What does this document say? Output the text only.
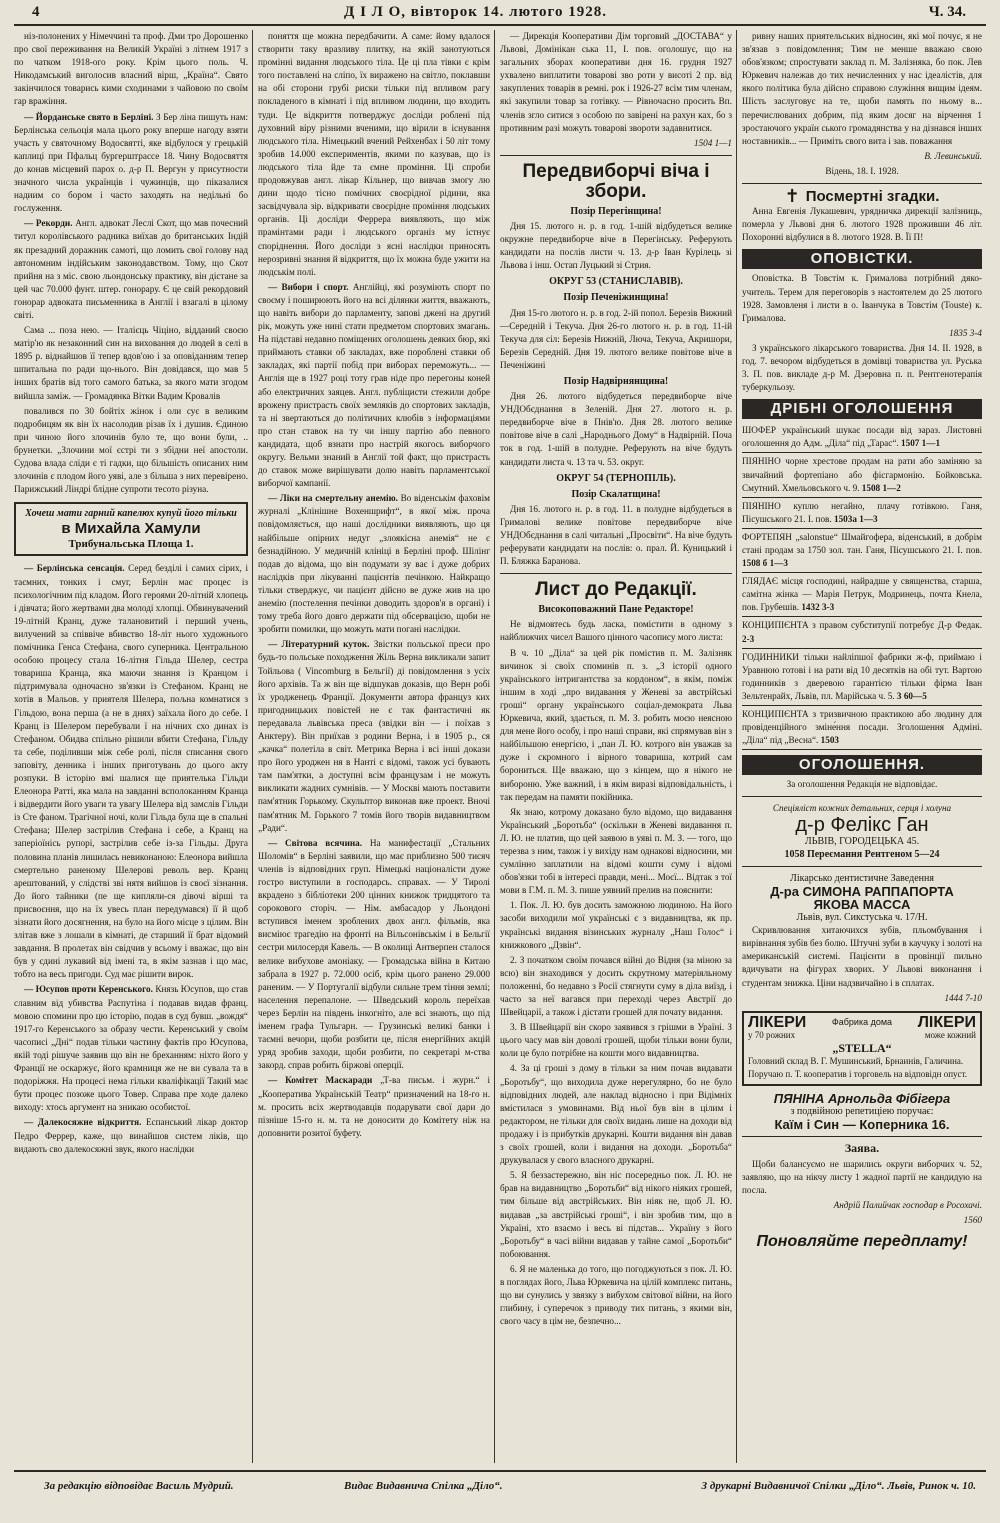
4	Д І Л О, вівторок 14. лютого 1928.	Ч. 34.

ніз-полонених у Німеччині та проф. Дми тро Дорошенко про свої переживання на Великій Україні з літнем 1917 з по чатком 1918-ого року. Крім цього поль. Ч. Никодамський виголосив власний вірш, „Країна“. Свято закінчилося товарись кими сходинами з чайовою по своїм гар вражіння.

— Йорданське свято в Берліні. З Бер ліна пишуть нам: Берлінська сельоція мала цього року вперше нагоду взяти участь у святочному Водосвятті, яке відбулося у грецькій каплиці при Пфальц бургерштрассе 18. Чину Водосвяття до конав місцевий парох о. д-р П. Вергун у присутности значного числа українців і чужинців, що піказалися надиим со бором і часто заходять на недільні бо гослуження.

— Рекорди. Англ. адвокат Леслі Скот, що мав почесний титул королівського радника виїхав до британських Індій як презадний доражник самоті, що ломить свої голову над автономним індійським законодавством. Тому, що Скот прийня на з міс. свою льондонську практику, він дістане за цей час 70.000 фунт. штер. гонорару. Є це свій рекордовий гонорар адвоката письменника в Англії і взагалі в цілому світі.

Сама ... поза нею. — Італієць Чіціно, відданий своєю матір'ю як незаконний син на виховання до людей в селі в 1895 р. віднайшов її тепер вдов'ою і за оповіданням тепер шпитальна по ради що-нього. Він довідався, що мав 5 інших братів від того самого батька, за якого мати згодом вийшла заміж. — Громадянка Вітки Вадим Кровалів

повалився по 30 бойтіх жінок і оли сує в великим подробицям як він їх насолодив різав їх і душив. Єдиною при чиною його злочинів було те, що вони були, .. брунетки. „Злочини мої єстрі ти з збідни неї апостоли. Судова влада сліди є ті гадки, що більшість описаних ним злочинів є плодом його уяві, але з більша з них перевірено. Парижський Ліндрі блідне супроти тесото різуна.

Хочеш мати гарний капелюх купуй його тільки
в Михайла Хамули
Трибунальська Площа 1.

— Берлінська сенсація. Серед безділі і самих сірих, і таємних, тонких і смуг, Берлін має процес із психологічним під кладом. Його героями 20-літній хлопець і дівчата; його жертвами два молоді хлопці. Обвинувачений 19-літній Кранц, дуже талановитий і перший учень, вилучений за співвіче вбивство 18-літ нього художнього помічника Генса Стефана, свого суперника. Центральною особою процесу стала 16-літня Гільда Шелер, сестра товариша Кранца, яка маючи знання із Кранцом і підтримувала одночасно зв'язки із Стефаном. Кранц не хотів в Мальов. у приятеля Шелера, пољна комнатися з Гільдою, вона перша (а не в днях) заїхала його до себе. І Кранц із Шелером перебували ї на нічних схо динах із Стефаном. Обидва спільно рішили вбити Стефана, Гільду та себе, поділивши між себе ролі, після списання свого заповіту, денника і інших приготувань до цього акту розпуки. В історію вмі шалися ще приятелька Гільди Елеонора Ратті, яка мала на завданні всполоканням Кранца і відвердити його уваги та увагу Шелера від замслів Гільди із Сте фаном. Трагічної ночі, коли Гільда була ще в спальні Стефана; Шелер застрілив Стефана і себе, а Кранц на заперіоїнісь рупорі, застрілив себе із-за Гільды. Друга половина планів лишилась невиконаною: Елеонора вийшла смертельно раненому Шелерові револь вер. Кранц арештований, у слідстві зві нятя вийшов із своєї зізнання. До його тайники (пе ще кипляли-ся дівочі вірші та присвоєння, що на їх увесь план передумався) її й щоб зізнати його досягнення, на було на його місце з цілим. Він злітав вже з лошали в кімнаті, де старший її брат відомий завдання. В пролетах він свідчив у всьому і вважає, що він був у єдині лукавий від імені та, в якім зазнав і що має, тобто на весь пригоди. Суд має рішити вирок.

— Юсупов проти Керенського. Князь Юсупов, що став славним від убивства Распутіна і подавав видав франц. мовою спомини про цю історію, подав в суд бувш. „вождя“ 1917-го Керенського за образу чести. Керенський у своїм часописі „Дні“ подав тільки частину фактів про Юсупова, якій тоді рішуче заявив що він не бреханням: ніхто його у Франції не оскаржує, його крамниця же не ви сувала та в подоріжжя. На процесі нема гільки кваліфікації Такий має бути процес позоже цього Товер. Справа пре ходе далеко виходу: хтось аргумент на зникаю особистої.

— Далекосяжне відкриття. Еспанський лікар доктор Педро Феррер, каже, що винайшов систем ліків, що видають сво далекосяжні звук, якого наслідки

поняття ще можна передбачити. А саме: йому вдалося створити таку вразливу плитку, на якій занотуються промінні видання людського тіла. Це ці пла тівки є крім того поставлені на сліпо, їх виражено на світло, поклавши на обі сторони грубі риски тільки під впливом рагу покладеного в кімнаті і під впливом людини, що входить туди. Це відкриття потверджує досліди роблені під духовний віру різними вченими, що вірили в існування людського тіла. Німецький вчений Рейхенбах і 50 літ тому зробив 14.000 експериментів, якими по казував, що із людського тіла йде та ємне проміння. Ці спроби продовжував англ. лікар Кільнер, що вивчав змогу лю дини щодо тісно помічних своєрідної рідини, яка засвідчувала зір. відкривати своєрідне проміння людських органів. Ці досліди Феррера виявляють, що між прамінтами ради і людського організ му істнує споріднення. Його досліди з ясні наслідки приносять нерозривні знання й відкриття, що їх можна буде ужити на людськім полі.

— Вибори і спорт. Англійці, які розуміють спорт по своєму і поширюють його на всі ділянки життя, вважають, що навіть вибори до парламенту, запові джені на другий рік, можуть уже нині стати предметом спортових змагань. На підставі недавно поміщених оголошень деяких бюр, які приймають ставки об закладах, вже пороблені ставки об закладах, які партії побід при виборах переможуть... — Англія ще в 1927 році тоту грав ніде про перегоны коней або електричних заяцев. Англ. публіцисти стежили добре врожену пристрасть своїх земляків до спортових закладів, та ні звертаються до політичних клюбів з інформаціями про стан ставок на ту чи іншу партію або певного кандидата, щоб взнати про настрій якогось виборчого округу. Вельми знаний в Англії той факт, що пристрасть до ставок може вирішувати долю навіть парламентської виборчої кампанії.

— Ліки на смертельну анемію. Во віденськім фаховім журналі „Клінішне Вохеншрифт“, в якої між. проча повідомляється, що наші дослідники виявляють, що ця найбільше опірних недуг „злоякісна анемія“ не є безнадійною. У медичній клініці в Берліні проф. Шілінг подав до відома, що він подумати зу ває і дуже добрих наслідків при лікуванні пацієнтів печінкою. Найкращо тільки стверджує, чи пацієнт дійсно ве дуже жив на цю анемію (постелення печінки доводить здоров'я в органі) і тому треба його довго держати під обсервацією, щоби не зробити помилки, що можуть мати погані наслідки.

— Літературний куток. Звістки польської преси про будь-то польське походження Жіль Верна викликали запит Тойльова ( Vincomburg в Бельгії) ді повідомлення з усіх його архівів. Та ж він ще відшукав доказів, що Верн робі їх уродженець Франції. Документи автора француз ких пригодницьких повістей не є так фантастичні як передавала львівська преса (звідки він — і поїхав з Анктеру). Він приїхав з родини Верна, і в 1905 р., ся „качка“ полетіла в світ. Метрика Верна і всі інші докази про його уроджен ня в Нанті є відомі, також усі бувають там пам'ятки, а доступні всім французам і не можуть викликати жадних сумнівів. — У Москві мають поставити пам'ятник Горькому. Скульптор виконав вже проект. Вночі пам'ятник М. Горького 7 томів його творів видавництвом „Ради“.

— Світова всячина. На манифестації „Стальних Шоломів“ в Берліні заявили, що має приблизно 500 тисяч членів із відповідних груп. Німецькі націоналісти дуже гостро виступили в господарсь. справах. — У Тиролі вкрадено з бібліотеки 200 цінних книжок тридцятого та сорокового сторіч. — Нім. амбасадор у Льондоні вступився іменем зроблених двох англ. фільмів, яка висміює трагедію на фронті на Вільсонівськім і в Бельгії сестри милосердя Кавель. — В околиці Антверпен сталося велике вибухове амоніаку. — Громадська війна в Китаю забрала в 1927 р. 72.000 осіб, крім цього ранено 29.000 раненим. — У Португалії відбули сильне трем тіння землі; населення перепалоне. — Шведський король переїхав через Берлін на південь інкогніто, але всі знають, що під іменем графа Тульгарн. — Грузинські великі банки і таємні вечори, щоби розбити це, після енергійних акцій уряд зробив заходи, щоби розбити, по секретарі м-ства закорд. справ робить біржові оперції.

— Комітет Маскаради „Т-ва письм. і журн.“ і „Кооператива Українській Театр“ призначений на 18-го н. м. просить всіх жертводавців подарувати свої дари до пізніше 15-го н. м. та не доносити до Комітету ніж на доповнити розитої буфету.

— Дирекція Кооперативи Дім торговий „ДОСТАВА“ у Львові, Домінікан ська 11, І. пов. оголошує, що на загальних зборах кооперативи дня 16. грудня 1927 ухвалено виплатити товарові зво роти у висоті 2 пр. від закуплених товарів в ремні. рок і 1926-27 всім тим членам, які закупили товар за готівку. — Рівночасно просить Вп. членів згло ситися з особою по завірені на рахун ках, бо з противним разі можуть товарові звороти задавнитися.

1504 1—1

Передвиборчі віча і збори.
Позір Перегінщина!

Дня 15. лютого н. р. в год. 1-шій відбудеться велике окружне передвиборче віче в Перегінську. Реферують кандидати на послів листи ч. 13. д-р Іван Курілець зі Львова і інш. Остап Луцький зі Стрия.

ОКРУГ 53 (СТАНИСЛАВІВ).
Позір Печеніжинщина!

Дня 15-го лютого н. р. в год. 2-ій попол. Березів Вижний—Середній і Текуча. Дня 26-го лютого н. р. в год. 11-ій Текуча для сіл: Березів Нижній, Люча, Текуча, Акришори, Березів Середній. Дня 19. лютого велике повітове віче в Печеніжині

Позір Надвірнянщина!

Дня 26. лютого відбудеться передвиборче віче УНДОбєднання в Зеленій. Дня 27. лютого н. р. передвиборче віче в Пнів'ю. Дня 28. лютого велике повітове віче в салі „Народнього Дому“ в Надвірній. Поча ток в год. 1-шій в полудне. Реферують на віче будуть кандидати листа ч. 13 та ч. 53. округ.

ОКРУГ 54 (ТЕРНОПІЛЬ).
Позір Скалатщина!

Дня 16. лютого н. р. в год. 11. в полудне відбудеться в Грималові велике повітове передвиборче віче УНДОбєднання в салі читальні „Просвіти“. На віче будуть реферувати кандидати на послів: о. прал. Й. Куницький і П. Бляжка Баранова.

Лист до Редакції.
Високоповажний Пане Редакторе!

Не відмовтесь будь ласка, помістити в одному з найближчих чисел Вашого цінного часопису мого листа:

В ч. 10 „Діла“ за цей рік помістив п. М. Залізняк вичинок зі своїх споминів п. з. „З історії одного українського інтригантства за кордоном“, в якім, поміж іншим в ході „про видавання у Женеві за австрійські гроші“ органу українського соціал-демократа Льва Юркевича, який, здається, п. М. З. робить моєю неясною для мене його особу, і про наші справи, які спрямував він з найбільшою енергією, і „пан Л. Ю. котрого він уважав за дуже і скромного і вірного товариша, котрий сам борониться. Ще вважаю, що з кінцем, що я нікого не вибороню. Уже важний, і в якім виразі відповідальність, і так передам на памяти покійника.

Як знаю, котрому доказано було відомо, що видавання Український „Боротьба“ (оскільки в Женеві видавання п. Л. Ю. не платив, що цей заявою в уяві п. М. З. — того, що терезва з ним, також і у вихіду нам однакові відносини, ми сумлінно заплатили на відомі кошти суму і відомі обов'язки тобі в інтересі правди, мені... Моєї... Відтак з тої мови в Г.М. п. М. З. пише уявний прелив на пояснити:

1. Пок. Л. Ю. був досить заможною людиною. На його засоби виходили мої українські є з видавництва, як пр. українські видання візинських журналу „Наш Голос“ і книжкового „Дзвін“.

2. З початком своїм почався війні до Відня (за міною за всю) він знаходився у досить скрутному матеріяльному положенні, бо недавно з Росії стягнути суму в діла виїзд, і часто за неї вагався при переході через Австрії до Швейцарії, а також і дістати грошей для почату видання.

3. В Швейцарії він скоро заявився з грішми в Ураїні. З цього часу мав він доволі грошей, щоби тільки вони були, коли це було потрібне на кошти мого видавництва.

4. За ці гроші з дому в тільки за ним почав видавати „Боротьбу“, що виходила дуже нерегулярно, бо не було відповідних людей, але наклад відносно і при Відімніх вмістилася з умовинами. Від ньої був він в цілим і редактором, не тільки для своїх видань лише на доходи від продажу і із прибутків друкарні. Кошти видання він давав з своїх грошей, коли і видання на доходи. „Боротьба“ друкувалася у свого власного друкарні.

5. Я беззастережно, він ніс посередньо пок. Л. Ю. не брав на видавництво „Боротьби“ від нікого ніяких грошей, тим більше від австрійських. Він ніяк не, щоб Л. Ю. видавав „за австрійські гроші“, і він зробив тим, що в Україні, хто взаємо і весь ві підстав... Україну з його „Боротьбу“ в часі війни видавав у тайне самої „Боротьби“ побоювання.

6. Я не маленька до того, що погоджуються з пок. Л. Ю. в поглядах його, Льва Юркевича на цілій комплекс питань, що ви сунулись у звязку з вибухом світової війни, на його глибину, і суперечок з приводу тих питань, з якими він, свого часу в цім не, безпечно...

ривну наших приятельських відносин, які мої почує, я не зв'язав з повідомлення; Тим не менше вважаю свою обов'язком; спростувати заклад п. М. Залізняка, бо пок. Лев Юркевич належав до тих нечисленних у нас ідеалістів, для якого політика була дійсно справою служіння вищим ідеям. Шість заслуговує на те, щоби память по ньому в... перечислюваних добрим, під яким досяг на вірчення 1 зростаючого україн ського громадянства у на дізнався інших ноставників... — Приміть свого вита і зав. поважання

В. Левинський.

Відень, 18. І. 1928.

✝ Посмертні згадки.

Анна Евгенія Лукашевич, урядничка дирекції залізниць, померла у Львові дня 6. лютого 1928 проживши 46 літ. Похоронні відбулися в 8. лютого 1928. В. Її П!

ОПОВІСТКИ.

Оповістка. В Товстім к. Грималова потрібний дяко-учитель. Терем для переговорів з настоятелем до 25 лютого 1928. Замовленя і листи в о. Іванчука в Товстім (Toustе) к. Грималова.

1835 3-4

З українського лікарського товариства. Дня 14. ІІ. 1928, в год. 7. вечором відбудеться в домівці товариства ул. Руська 3. П. пов. викладе д-р М. Дзеровна п. п. Рентгенотерапія туберкульозу.

ДРІБНІ ОГОЛОШЕННЯ
ШОФЕР український шукає посади від зараз. Листовні оголошення до Адм. „Діла“ під „Тарас“. 1507 1—1
ПІЯНІНО чорне хрестове продам на рати або заміняю за звичайний фортепіано або фісгармонію. Бойковська. Смутний. Хмельовського ч. 9. 1508 1—2
ПІЯНІНО куплю негайно, плачу готівкою. Ганя, Пісушського 21. І. пов. 1503a 1—3
ФОРТЕПЯН „salonstue“ Шмайгофера, віденський, в добрім стані продам за 1750 зол. тан. Ганя, Пісушського 21. І. пов. 1508 б 1—3
ГЛЯДАЄ місця господині, найрадше у священства, старша, самітна жінка — Марія Петрук, Модринець, почта Кнела, пов. Грубешів. 1432 3-3
КОНЦИПІЄНТА з правом субститупії потребує Д-р Федак. 2-3
ГОДИННИКИ тільки найліпшої фабрики ж-ф, приймаю і Уравнюю готові і на рати від 10 десятків на обі тут. Вартою годинників з дверевою гарантією тільки фірма Іван Зельтенрайх, Львів, пл. Марійська ч. 5. 3 60—5
КОНЦИПІЄНТА з тризвичною практикою або людину для провіденційного зміне́ння посади. Зголошення Адміні. „Діла“ під „Весна“. 1503
ОГОЛОШЕННЯ.

За оголошення Редакція не відповідає.

Спеціяліст кожних детальних, серця і холуна

д-р Фелікс Ган
ЛЬВІВ, ГОРОДЕЦЬКА 45.
1058 Переємання Рентгеном 5—24
Лікарсько дентистичне Заведення
Д-ра СИМОНА РАППАПОРТА
ЯКОВА МАССА
Львів, вул. Сикстуська ч. 17/Н.

Скривлювання хитаючихся зубів, пльомбування і вирівнання зубів без болю. Штучні зуби в каучуку і золоті на американській системі. Пацієнти в провінції пильно вдичувати на фігурах хворих. У Львові виконання і студентам знижка. Ціни надзвичайно і в сплатах.

1444 7-10

ЛІКЕРИ	Фабрика дома ЛІКЕРИ
у 70 рожних	може кожний
„STELLA“
Головний склад В. Г. Мушинський, Брнаинів, Галичина.
Поручаю п. Т. кооператив і торговель на відповідн опуст.
ПЯНІНА Арнольда Фібігера
з подвійною репетиціею поручає:
Каїм і Син — Коперника 16.
Заява.

Щоби балансуємо не шарились округи виборчих ч. 52, заявляю, що на нікчу листу 1 жадної партії не кандидую на посла.

Андрій Палийчак господар в Росохачі.

1560

Поновляйте передплату!
За редакцію відповідає Василь Мудрий.	Видає Видавнича Спілка „Діло“.	З друкарні Видавничої Спілки „Діло“. Львів, Ринок ч. 10.
